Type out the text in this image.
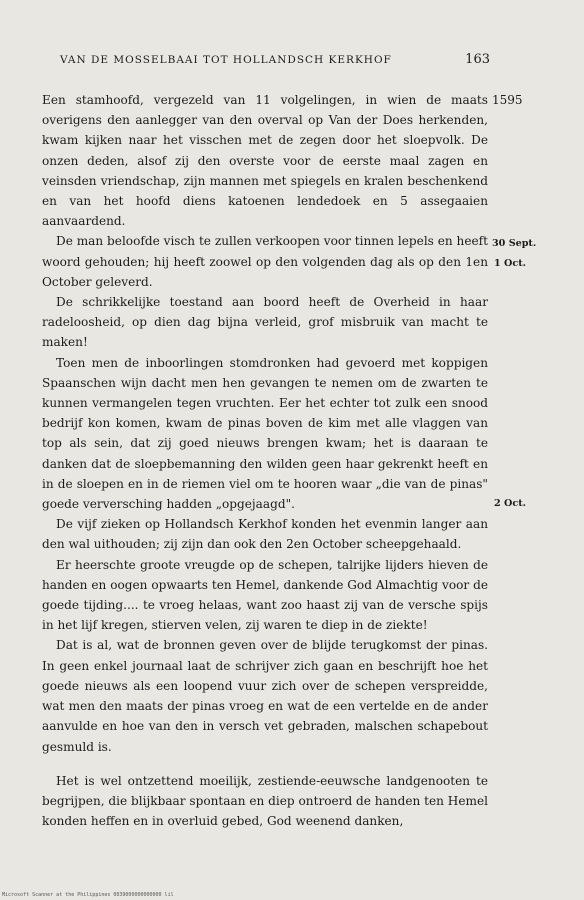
VAN DE MOSSELBAAI TOT HOLLANDSCH KERKHOF	163

Een stamhoofd, vergezeld van 11 volgelingen, in wien de maats overigens den aanlegger van den overval op Van der Does herkenden, kwam kijken naar het visschen met de zegen door het sloepvolk. De onzen deden, alsof zij den overste voor de eerste maal zagen en veinsden vriendschap, zijn mannen met spiegels en kralen beschenkend en van het hoofd diens katoenen lendedoek en 5 assegaaien aanvaardend.

De man beloofde visch te zullen verkoopen voor tinnen lepels en heeft woord gehouden; hij heeft zoowel op den volgenden dag als op den 1en October geleverd.

De schrikkelijke toestand aan boord heeft de Overheid in haar radeloosheid, op dien dag bijna verleid, grof misbruik van macht te maken!

Toen men de inboorlingen stomdronken had gevoerd met koppigen Spaanschen wijn dacht men hen gevangen te nemen om de zwarten te kunnen vermangelen tegen vruchten. Eer het echter tot zulk een snood bedrijf kon komen, kwam de pinas boven de kim met alle vlaggen van top als sein, dat zij goed nieuws brengen kwam; het is daaraan te danken dat de sloepbemanning den wilden geen haar gekrenkt heeft en in de sloepen en in de riemen viel om te hooren waar „die van de pinas" goede verversching hadden „opgejaagd".

De vijf zieken op Hollandsch Kerkhof konden het evenmin langer aan den wal uithouden; zij zijn dan ook den 2en October scheepgehaald.

Er heerschte groote vreugde op de schepen, talrijke lijders hieven de handen en oogen opwaarts ten Hemel, dankende God Almachtig voor de goede tijding.... te vroeg helaas, want zoo haast zij van de versche spijs in het lijf kregen, stierven velen, zij waren te diep in de ziekte!

Dat is al, wat de bronnen geven over de blijde terugkomst der pinas. In geen enkel journaal laat de schrijver zich gaan en beschrijft hoe het goede nieuws als een loopend vuur zich over de schepen verspreidde, wat men den maats der pinas vroeg en wat de een vertelde en de ander aanvulde en hoe van den in versch vet gebraden, malschen schapebout gesmuld is.

Het is wel ontzettend moeilijk, zestiende-eeuwsche landgenooten te begrijpen, die blijkbaar spontaan en diep ontroerd de handen ten Hemel konden heffen en in overluid gebed, God weenend danken,

1595
30 Sept.
1 Oct.
2 Oct.
Microsoft Scanner at the Philippines 0039000000000000 lil
